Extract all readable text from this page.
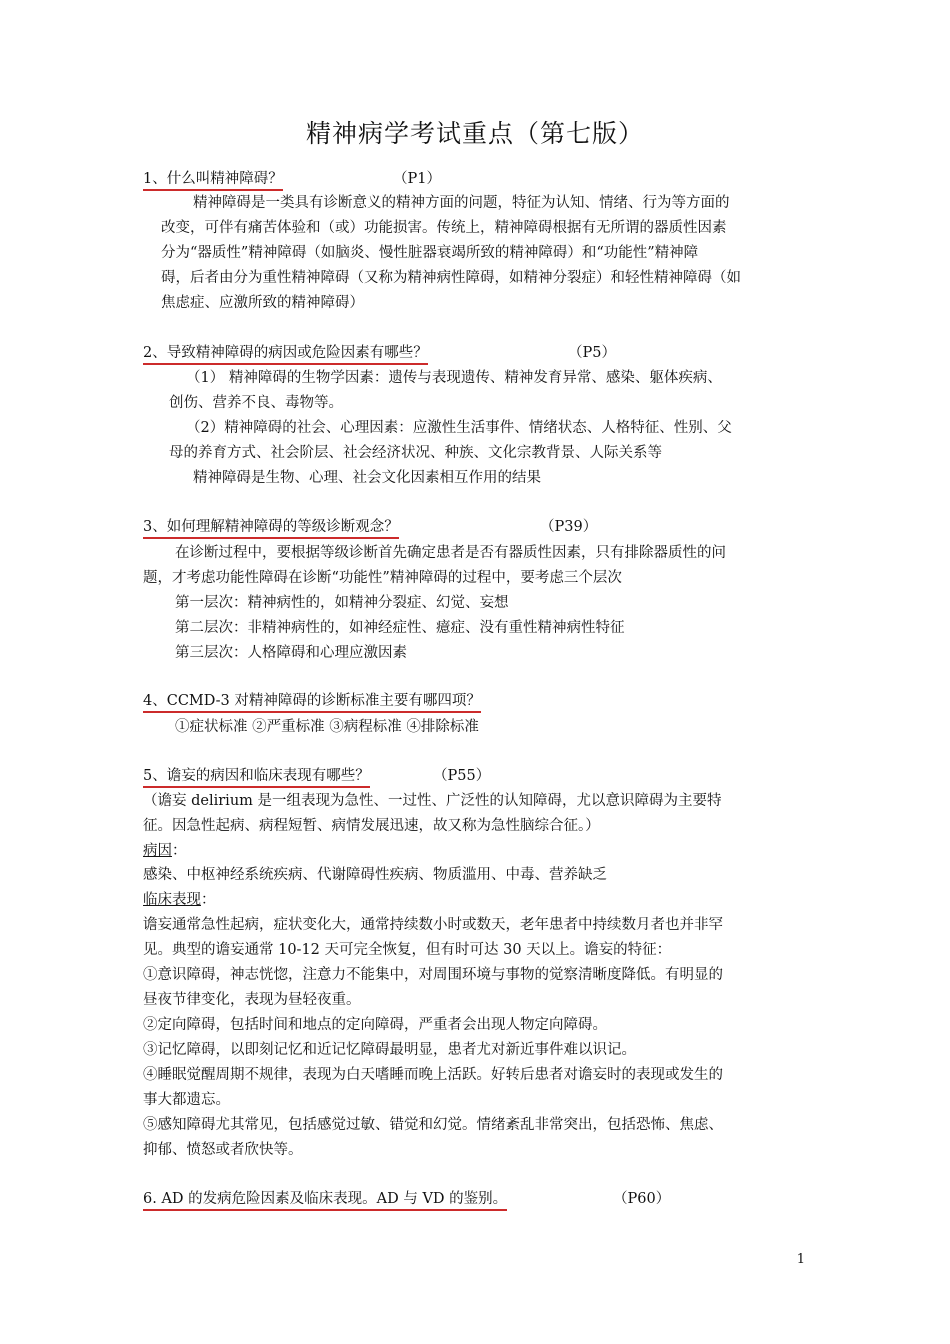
精神病学考试重点（第七版）
1、什么叫精神障碍？	（P1）
精神障碍是一类具有诊断意义的精神方面的问题，特征为认知、情绪、行为等方面的
改变，可伴有痛苦体验和（或）功能损害。传统上，精神障碍根据有无所谓的器质性因素
分为“器质性”精神障碍（如脑炎、慢性脏器衰竭所致的精神障碍）和“功能性”精神障
碍，后者由分为重性精神障碍（又称为精神病性障碍，如精神分裂症）和轻性精神障碍（如
焦虑症、应激所致的精神障碍）
2、导致精神障碍的病因或危险因素有哪些？	（P5）
（1） 精神障碍的生物学因素：遗传与表现遗传、精神发育异常、感染、躯体疾病、
创伤、营养不良、毒物等。
（2）精神障碍的社会、心理因素：应激性生活事件、情绪状态、人格特征、性别、父
母的养育方式、社会阶层、社会经济状况、种族、文化宗教背景、人际关系等
精神障碍是生物、心理、社会文化因素相互作用的结果
3、如何理解精神障碍的等级诊断观念？	（P39）
在诊断过程中，要根据等级诊断首先确定患者是否有器质性因素，只有排除器质性的问
题，才考虑功能性障碍在诊断“功能性”精神障碍的过程中，要考虑三个层次
第一层次：精神病性的，如精神分裂症、幻觉、妄想
第二层次：非精神病性的，如神经症性、癔症、没有重性精神病性特征
第三层次：人格障碍和心理应激因素
4、CCMD-3 对精神障碍的诊断标准主要有哪四项？
①症状标准 ②严重标准 ③病程标准 ④排除标准
5、谵妄的病因和临床表现有哪些？	（P55）
（谵妄 delirium 是一组表现为急性、一过性、广泛性的认知障碍，尤以意识障碍为主要特
征。因急性起病、病程短暂、病情发展迅速，故又称为急性脑综合征。）
病因：
感染、中枢神经系统疾病、代谢障碍性疾病、物质滥用、中毒、营养缺乏
临床表现：
谵妄通常急性起病，症状变化大，通常持续数小时或数天，老年患者中持续数月者也并非罕
见。典型的谵妄通常 10-12 天可完全恢复，但有时可达 30 天以上。谵妄的特征：
①意识障碍，神志恍惚，注意力不能集中，对周围环境与事物的觉察清晰度降低。有明显的
昼夜节律变化，表现为昼轻夜重。
②定向障碍，包括时间和地点的定向障碍，严重者会出现人物定向障碍。
③记忆障碍，以即刻记忆和近记忆障碍最明显，患者尤对新近事件难以识记。
④睡眠觉醒周期不规律，表现为白天嗜睡而晚上活跃。好转后患者对谵妄时的表现或发生的
事大都遗忘。
⑤感知障碍尤其常见，包括感觉过敏、错觉和幻觉。情绪紊乱非常突出，包括恐怖、焦虑、
抑郁、愤怒或者欣快等。
6. AD 的发病危险因素及临床表现。AD 与 VD 的鉴别。	（P60）
1
